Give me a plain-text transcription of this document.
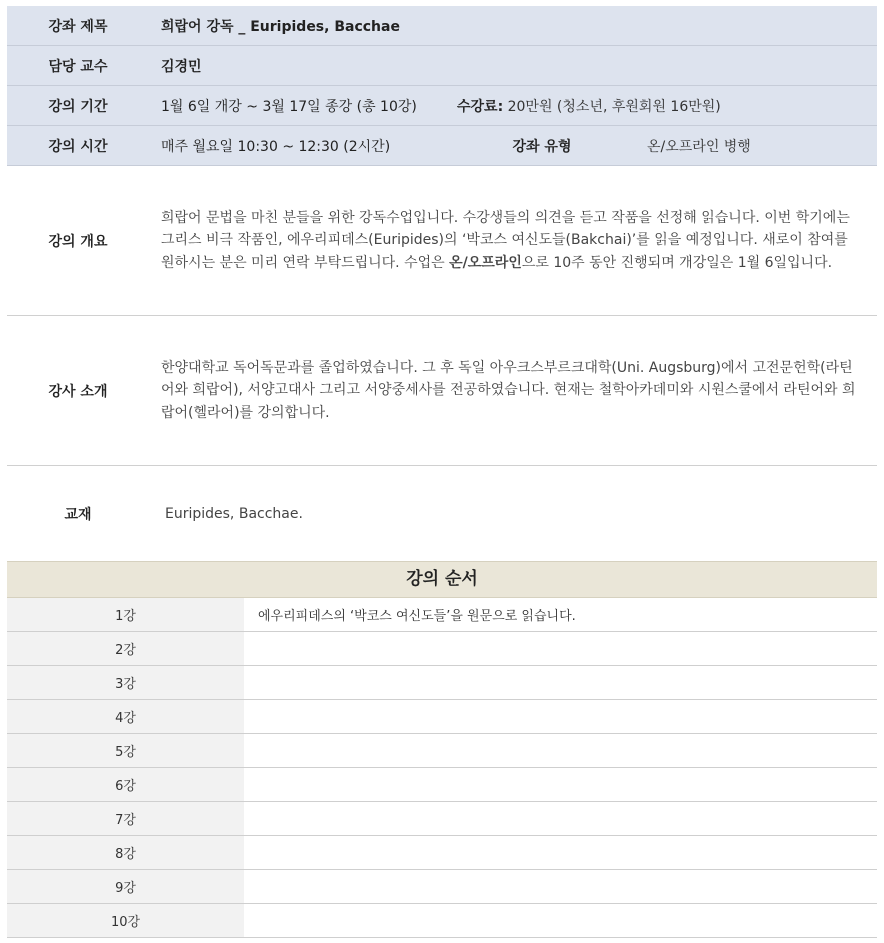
강좌 제목	희랍어 강독 _ Euripides, Bacchae		
담당 교수	김경민		
강의 기간	1월 6일 개강 ~ 3월 17일 종강 (총 10강)	수강료: 20만원 (청소년, 후원회원 16만원)	
강의 시간	매주 월요일 10:30 ~ 12:30 (2시간)	강좌 유형	온/오프라인 병행
강의 개요	희랍어 문법을 마친 분들을 위한 강독수업입니다. 수강생들의 의견을 듣고 작품을 선정해 읽습니다. 이번 학기에는 그리스 비극 작품인, 에우리피데스(Euripides)의 ‘박코스 여신도들(Bakchai)’를 읽을 예정입니다. 새로이 참여를 원하시는 분은 미리 연락 부탁드립니다. 수업은 온/오프라인으로 10주 동안 진행되며 개강일은 1월 6일입니다.
강사 소개	한양대학교 독어독문과를 졸업하였습니다. 그 후 독일 아우크스부르크대학(Uni. Augsburg)에서 고전문헌학(라틴어와 희랍어), 서양고대사 그리고 서양중세사를 전공하였습니다. 현재는 철학아카데미와 시원스쿨에서 라틴어와 희랍어(헬라어)를 강의합니다.
교재	Euripides, Bacchae.
강의 순서
1강	에우리피데스의 ‘박코스 여신도들’을 원문으로 읽습니다.
2강	
3강	
4강	
5강	
6강	
7강	
8강	
9강	
10강	
